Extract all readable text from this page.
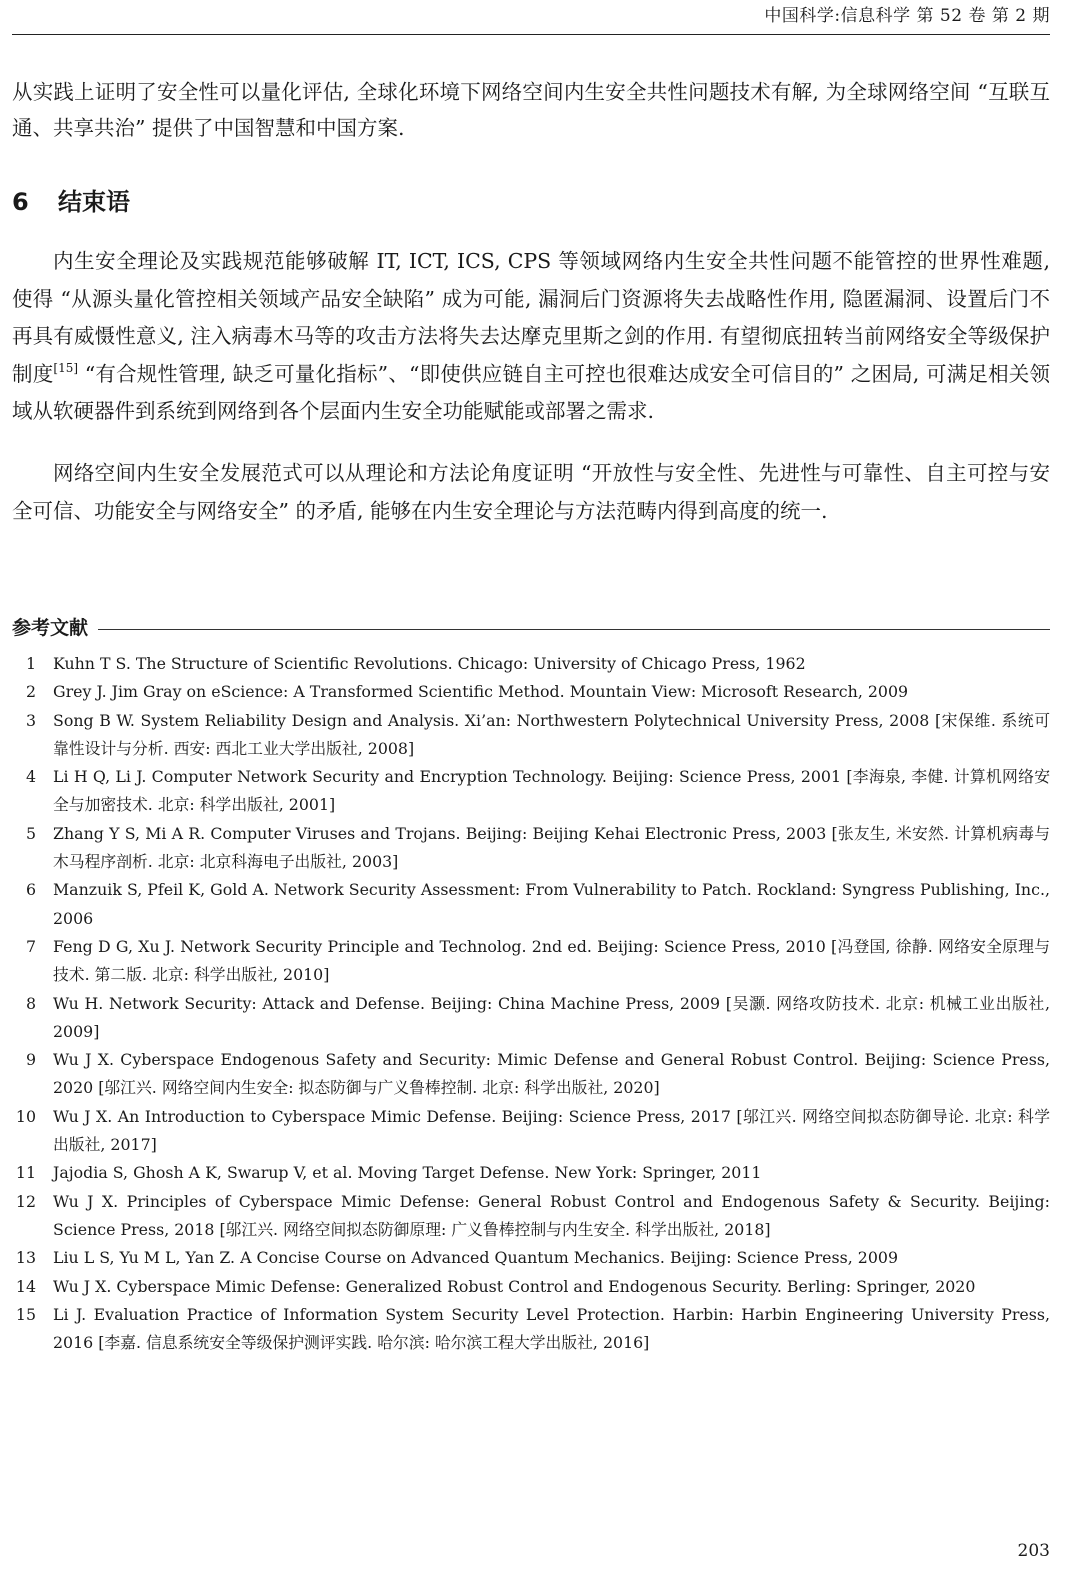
中国科学:信息科学 第 52 卷 第 2 期
从实践上证明了安全性可以量化评估, 全球化环境下网络空间内生安全共性问题技术有解, 为全球网络空间 “互联互通、共享共治” 提供了中国智慧和中国方案.
6 结束语
内生安全理论及实践规范能够破解 IT, ICT, ICS, CPS 等领域网络内生安全共性问题不能管控的世界性难题, 使得 “从源头量化管控相关领域产品安全缺陷” 成为可能, 漏洞后门资源将失去战略性作用, 隐匿漏洞、设置后门不再具有威慑性意义, 注入病毒木马等的攻击方法将失去达摩克里斯之剑的作用. 有望彻底扭转当前网络安全等级保护制度[15] “有合规性管理, 缺乏可量化指标”、“即使供应链自主可控也很难达成安全可信目的” 之困局, 可满足相关领域从软硬器件到系统到网络到各个层面内生安全功能赋能或部署之需求.
网络空间内生安全发展范式可以从理论和方法论角度证明 “开放性与安全性、先进性与可靠性、自主可控与安全可信、功能安全与网络安全” 的矛盾, 能够在内生安全理论与方法范畴内得到高度的统一.
参考文献
1 Kuhn T S. The Structure of Scientific Revolutions. Chicago: University of Chicago Press, 1962
2 Grey J. Jim Gray on eScience: A Transformed Scientific Method. Mountain View: Microsoft Research, 2009
3 Song B W. System Reliability Design and Analysis. Xi’an: Northwestern Polytechnical University Press, 2008 [宋保维. 系统可靠性设计与分析. 西安: 西北工业大学出版社, 2008]
4 Li H Q, Li J. Computer Network Security and Encryption Technology. Beijing: Science Press, 2001 [李海泉, 李健. 计算机网络安全与加密技术. 北京: 科学出版社, 2001]
5 Zhang Y S, Mi A R. Computer Viruses and Trojans. Beijing: Beijing Kehai Electronic Press, 2003 [张友生, 米安然. 计算机病毒与木马程序剖析. 北京: 北京科海电子出版社, 2003]
6 Manzuik S, Pfeil K, Gold A. Network Security Assessment: From Vulnerability to Patch. Rockland: Syngress Publishing, Inc., 2006
7 Feng D G, Xu J. Network Security Principle and Technolog. 2nd ed. Beijing: Science Press, 2010 [冯登国, 徐静. 网络安全原理与技术. 第二版. 北京: 科学出版社, 2010]
8 Wu H. Network Security: Attack and Defense. Beijing: China Machine Press, 2009 [吴灏. 网络攻防技术. 北京: 机械工业出版社, 2009]
9 Wu J X. Cyberspace Endogenous Safety and Security: Mimic Defense and General Robust Control. Beijing: Science Press, 2020 [邬江兴. 网络空间内生安全: 拟态防御与广义鲁棒控制. 北京: 科学出版社, 2020]
10 Wu J X. An Introduction to Cyberspace Mimic Defense. Beijing: Science Press, 2017 [邬江兴. 网络空间拟态防御导论. 北京: 科学出版社, 2017]
11 Jajodia S, Ghosh A K, Swarup V, et al. Moving Target Defense. New York: Springer, 2011
12 Wu J X. Principles of Cyberspace Mimic Defense: General Robust Control and Endogenous Safety & Security. Beijing: Science Press, 2018 [邬江兴. 网络空间拟态防御原理: 广义鲁棒控制与内生安全. 科学出版社, 2018]
13 Liu L S, Yu M L, Yan Z. A Concise Course on Advanced Quantum Mechanics. Beijing: Science Press, 2009
14 Wu J X. Cyberspace Mimic Defense: Generalized Robust Control and Endogenous Security. Berling: Springer, 2020
15 Li J. Evaluation Practice of Information System Security Level Protection. Harbin: Harbin Engineering University Press, 2016 [李嘉. 信息系统安全等级保护测评实践. 哈尔滨: 哈尔滨工程大学出版社, 2016]
203
